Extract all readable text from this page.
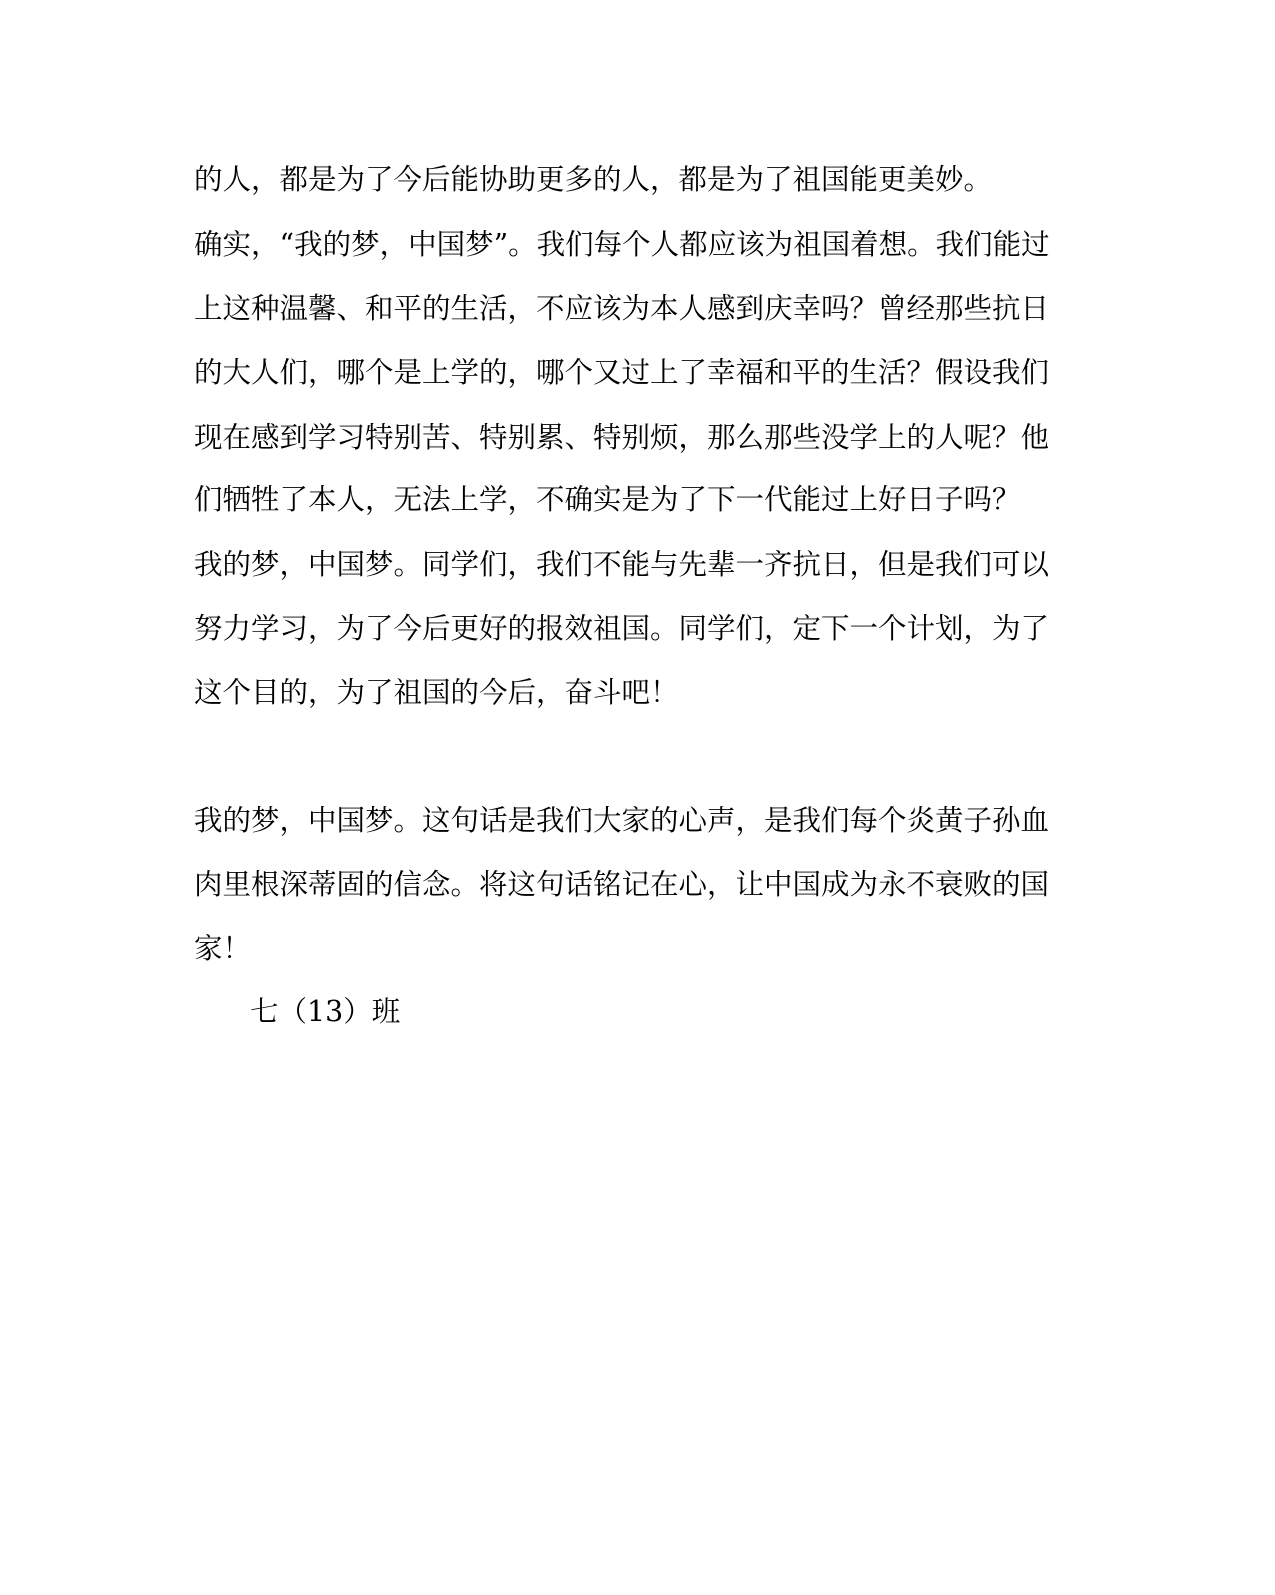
的人，都是为了今后能协助更多的人，都是为了祖国能更美妙。
确实，“我的梦，中国梦”。我们每个人都应该为祖国着想。我们能过
上这种温馨、和平的生活，不应该为本人感到庆幸吗？曾经那些抗日
的大人们，哪个是上学的，哪个又过上了幸福和平的生活？假设我们
现在感到学习特别苦、特别累、特别烦，那么那些没学上的人呢？他
们牺牲了本人，无法上学，不确实是为了下一代能过上好日子吗？
我的梦，中国梦。同学们，我们不能与先辈一齐抗日，但是我们可以
努力学习，为了今后更好的报效祖国。同学们，定下一个计划，为了
这个目的，为了祖国的今后，奋斗吧！
我的梦，中国梦。这句话是我们大家的心声，是我们每个炎黄子孙血
肉里根深蒂固的信念。将这句话铭记在心，让中国成为永不衰败的国
家！
七（13）班
